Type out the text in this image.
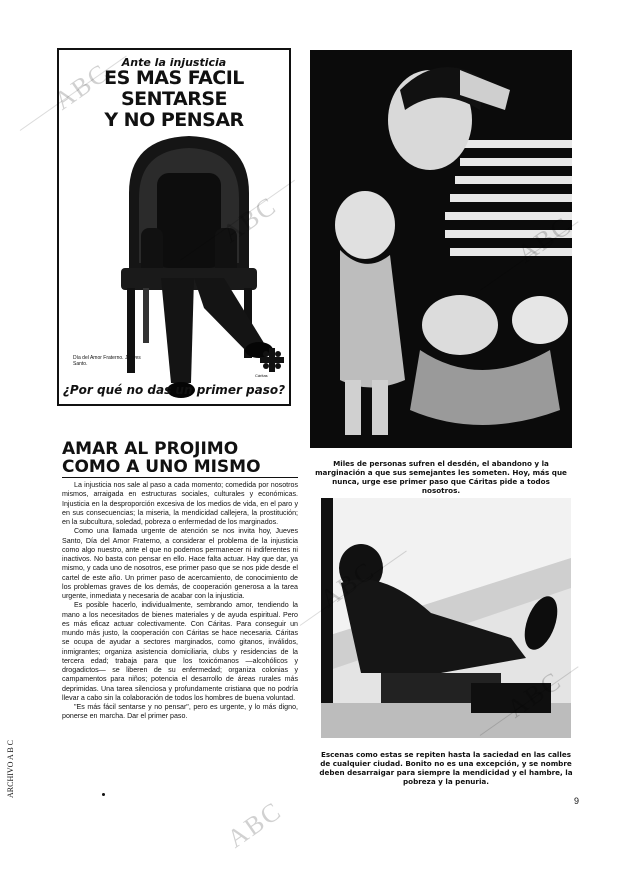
Ante la injusticia
ES MAS FACIL SENTARSE
Y NO PENSAR
Día del Amor Fraterno. Jueves Santo.
Cáritas
¿Por qué no das un primer paso?
Miles de personas sufren el desdén, el abandono y la marginación a que sus semejantes les someten. Hoy, más que nunca, urge ese primer paso que Cáritas pide a todos nosotros.
AMAR AL PROJIMO
COMO A UNO MISMO

La injusticia nos sale al paso a cada momento; comedida por nosotros mismos, arraigada en estructuras sociales, culturales y económicas. Injusticia en la desproporción excesiva de los medios de vida, en el paro y en sus consecuencias; la miseria, la mendicidad callejera, la prostitución; en la subcultura, soledad, pobreza o enfermedad de los marginados.

Como una llamada urgente de atención se nos invita hoy, Jueves Santo, Día del Amor Fraterno, a considerar el problema de la injusticia como algo nuestro, ante el que no podemos permanecer ni indiferentes ni inactivos. No basta con pensar en ello. Hace falta actuar. Hay que dar, ya mismo, y cada uno de nosotros, ese primer paso que se nos pide desde el cartel de este año. Un primer paso de acercamiento, de conocimiento de los problemas graves de los demás, de cooperación generosa a la tarea urgente, inmediata y necesaria de acabar con la injusticia.

Es posible hacerlo, individualmente, sembrando amor, tendiendo la mano a los necesitados de bienes materiales y de ayuda espiritual. Pero es más eficaz actuar colectivamente. Con Cáritas. Para conseguir un mundo más justo, la cooperación con Cáritas se hace necesaria. Cáritas se ocupa de ayudar a sectores marginados, como gitanos, inválidos, inmigrantes; organiza asistencia domiciliaria, clubs y residencias de la tercera edad; trabaja para que los toxicómanos —alcohólicos y drogadictos— se liberen de su enfermedad; organiza colonias y campamentos para niños; potencia el desarrollo de áreas rurales más deprimidas. Una tarea silenciosa y profundamente cristiana que no podría llevar a cabo sin la colaboración de todos los hombres de buena voluntad.

"Es más fácil sentarse y no pensar", pero es urgente, y lo más digno, ponerse en marcha. Dar el primer paso.

Escenas como estas se repiten hasta la saciedad en las calles de cualquier ciudad. Bonito no es una excepción, y se nombre deben desarraigar para siempre la mendicidad y el hambre, la pobreza y la penuria.
ARCHIVO A B C
9
ABC
